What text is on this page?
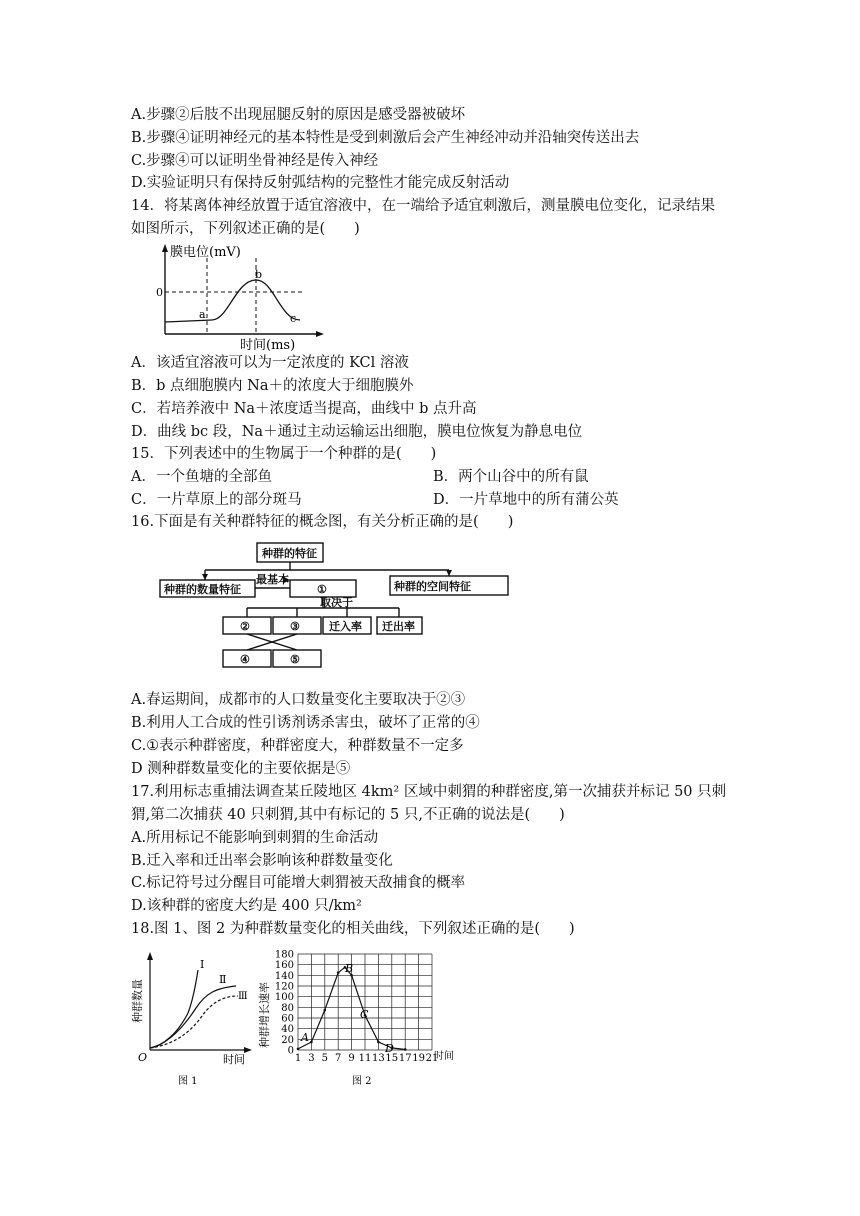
A.步骤②后肢不出现屈腿反射的原因是感受器被破坏
B.步骤④证明神经元的基本特性是受到刺激后会产生神经冲动并沿轴突传送出去
C.步骤④可以证明坐骨神经是传入神经
D.实验证明只有保持反射弧结构的完整性才能完成反射活动
14．将某离体神经放置于适宜溶液中，在一端给予适宜刺激后，测量膜电位变化，记录结果
如图所示，下列叙述正确的是(　　)
膜电位(mV)
0
a
b
c
时间(ms)
A．该适宜溶液可以为一定浓度的 KCl 溶液
B．b 点细胞膜内 Na＋的浓度大于细胞膜外
C．若培养液中 Na＋浓度适当提高，曲线中 b 点升高
D．曲线 bc 段，Na＋通过主动运输运出细胞，膜电位恢复为静息电位
15．下列表述中的生物属于一个种群的是(　　)
A．一个鱼塘的全部鱼	B．两个山谷中的所有鼠
C．一片草原上的部分斑马	D．一片草地中的所有蒲公英
16.下面是有关种群特征的概念图，有关分析正确的是(　　)
种群的特征
种群的数量特征
最基本
①	种群的空间特征
取决于
②	③	迁入率 迁出率
④	⑤
A.春运期间，成都市的人口数量变化主要取决于②③
B.利用人工合成的性引诱剂诱杀害虫，破坏了正常的④
C.①表示种群密度，种群密度大，种群数量不一定多
D 测种群数量变化的主要依据是⑤
17.利用标志重捕法调查某丘陵地区 4km² 区域中刺猬的种群密度,第一次捕获并标记 50 只刺
猬,第二次捕获 40 只刺猬,其中有标记的 5 只,不正确的说法是(　　)
A.所用标记不能影响到刺猬的生命活动
B.迁入率和迁出率会影响该种群数量变化
C.标记符号过分醒目可能增大刺猬被天敌捕食的概率
D.该种群的密度大约是 400 只/km²
18.图 1、图 2 为种群数量变化的相关曲线，下列叙述正确的是(　　)
种群数量
O	时间
Ⅰ
Ⅱ
Ⅲ
图 1
种群增长速率
180
160
140
120
100
80
60
40
20
0
1 3 5 7 9 11 13 15 17 19 21
A
B
C
D
时间
图 2
